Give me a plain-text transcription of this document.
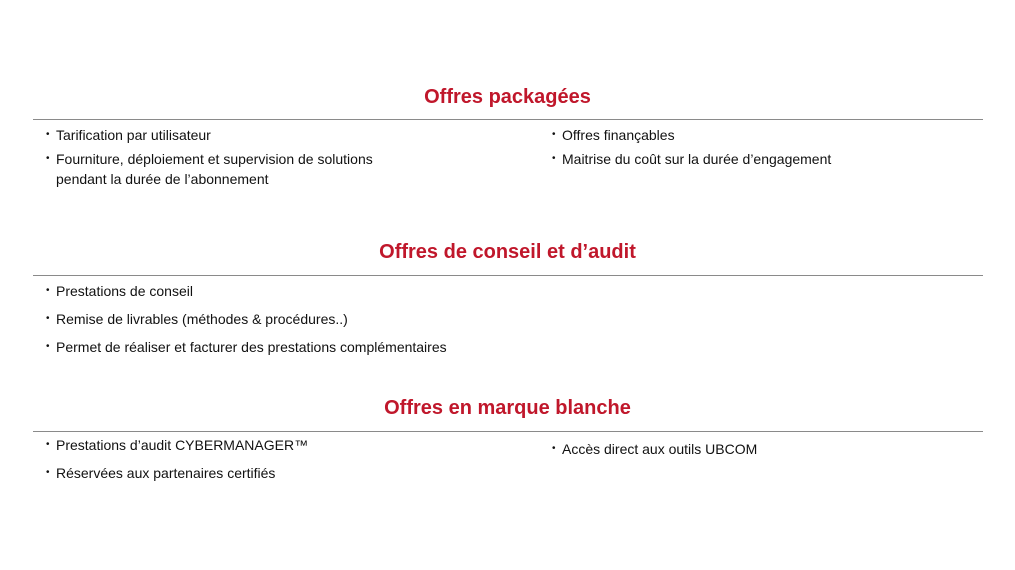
Offres packagées
• Tarification par utilisateur
• Fourniture, déploiement et supervision de solutions
pendant la durée de l’abonnement
• Offres finançables
• Maitrise du coût sur la durée d’engagement
Offres de conseil et d’audit
• Prestations de conseil
• Remise de livrables (méthodes & procédures..)
• Permet de réaliser et facturer des prestations complémentaires
Offres en marque blanche
• Prestations d’audit CYBERMANAGER™
• Réservées aux partenaires certifiés
• Accès direct aux outils UBCOM
